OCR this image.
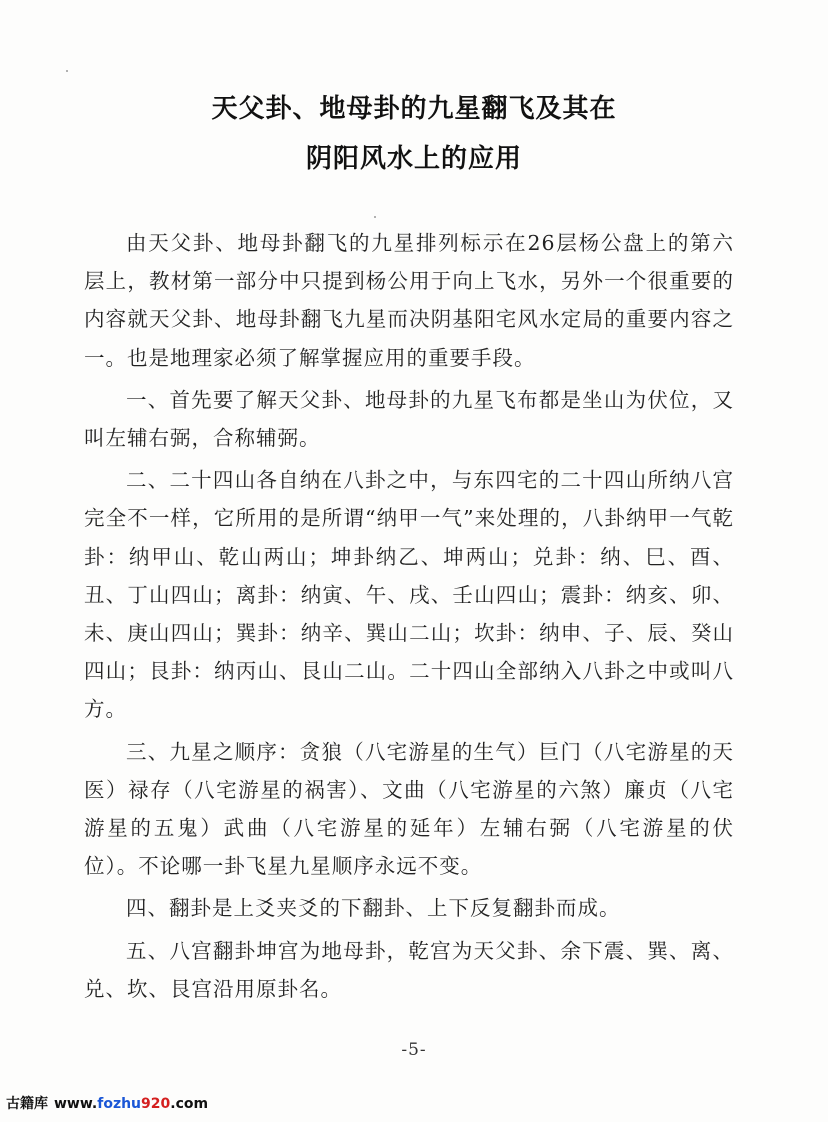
天父卦、地母卦的九星翻飞及其在
阴阳风水上的应用

由天父卦、地母卦翻飞的九星排列标示在26层杨公盘上的第六层上，教材第一部分中只提到杨公用于向上飞水，另外一个很重要的内容就天父卦、地母卦翻飞九星而决阴基阳宅风水定局的重要内容之一。也是地理家必须了解掌握应用的重要手段。

一、首先要了解天父卦、地母卦的九星飞布都是坐山为伏位，又叫左辅右弼，合称辅弼。

二、二十四山各自纳在八卦之中，与东四宅的二十四山所纳八宫完全不一样，它所用的是所谓“纳甲一气”来处理的，八卦纳甲一气乾卦：纳甲山、乾山两山；坤卦纳乙、坤两山；兑卦：纳、巳、酉、丑、丁山四山；离卦：纳寅、午、戌、壬山四山；震卦：纳亥、卯、未、庚山四山；巽卦：纳辛、巽山二山；坎卦：纳申、子、辰、癸山四山；艮卦：纳丙山、艮山二山。二十四山全部纳入八卦之中或叫八方。

三、九星之顺序：贪狼（八宅游星的生气）巨门（八宅游星的天医）禄存（八宅游星的祸害）、文曲（八宅游星的六煞）廉贞（八宅游星的五鬼）武曲（八宅游星的延年）左辅右弼（八宅游星的伏位）。不论哪一卦飞星九星顺序永远不变。

四、翻卦是上爻夹爻的下翻卦、上下反复翻卦而成。

五、八宫翻卦坤宫为地母卦，乾宫为天父卦、余下震、巽、离、兑、坎、艮宫沿用原卦名。

-5-
古籍库 www.fozhu920.com
